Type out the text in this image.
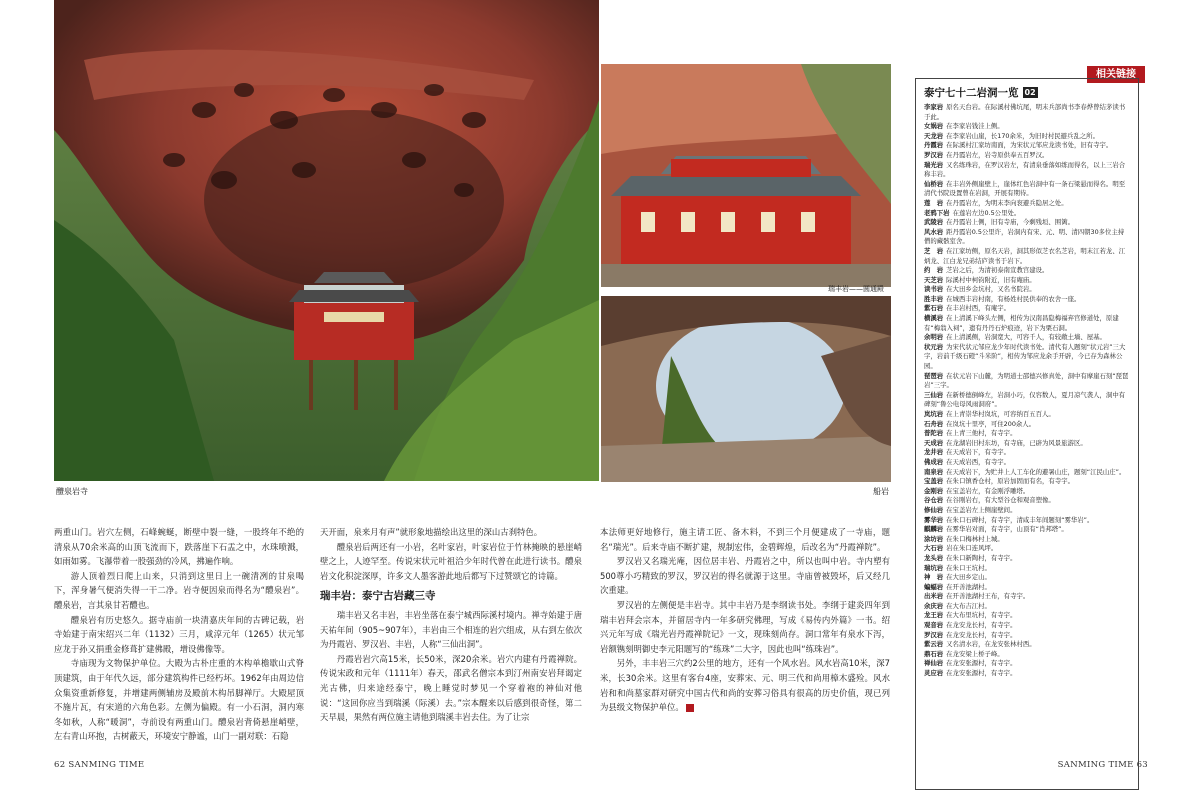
醴泉岩寺
瑞丰岩——圆通殿
船岩

两重山门。岩穴左侧，石峰蜿蜒，断壁中裂一缝，一股终年不绝的清泉从70余米高的山顶飞流而下，跌落崖下石盂之中，水珠喷溅，如雨如雾。飞瀑带着一股强劲的冷风，拂遍作响。

游人顶着烈日爬上山来，只消到这里日上一碗清冽的甘泉喝下，浑身暑气便消失得一干二净。岩寺便因泉而得名为“醴泉岩”。醴泉岩，言其泉甘若醴也。

醴泉岩有历史悠久。据寺庙前一块清嘉庆年间的古碑记载，岩寺始建于南宋绍兴二年（1132）三月，咸淳元年（1265）状元邹应龙于孙又捐重金修葺扩建佛殿，增设佛像等。

寺庙现为文物保护单位。大殿为古朴庄重的木构单檐歇山式脊顶建筑，由于年代久远，部分建筑构件已经朽坏。1962年由周边信众集资重新修复，并增建两侧辅房及殿前木构吊脚禅厅。大殿屋顶不施片瓦，有宋道的六角色彩。左侧为偏殿。有一小石洞，洞内寒冬如秋，人称“暖洞”，寺前设有两重山门。醴泉岩背倚悬崖峭壁，左右青山环抱，古树蔽天，环境安宁静谧，山门一副对联：石隐

天开面，泉来月有声”就形象地描绘出这里的深山古刹特色。

醴泉岩后两还有一小岩，名叶家岩，叶家岩位于竹林掩映的悬崖峭壁之上，人迹罕至。传说宋状元叶祖洽少年时代曾在此进行读书。醴泉岩文化积淀深厚，许多文人墨客游此地后都写下过赞颂它的诗篇。

瑞丰岩：泰宁古岩藏三寺

瑞丰岩又名丰岩，丰岩坐落在泰宁城西际溪村境内。禅寺始建于唐天祐年间（905~907年），丰岩由三个相连的岩穴组成，从右到左依次为丹霞岩、罗汉岩、丰岩，人称“三仙出洞”。

丹霞岩岩穴高15米，长50米，深20余米。岩穴内建有丹霞禅院。传说宋政和元年（1111年）春天，邵武名僧宗本到汀州南安岩拜谒定光古佛，归来途经泰宁，晚上睡觉时梦见一个穿着袍的神仙对他说：“这回你应当到瑞溪（际溪）去。”宗本醒来以后感到很奇怪，第二天早晨，果然有两位施主请他到瑞溪丰岩去住。为了让宗

本法师更好地修行，施主请工匠、备木料，不到三个月便建成了一寺庙，题名“瑞光”。后来寺庙不断扩建，规制宏伟，金碧辉煌，后改名为“丹霞禅院”。

罗汉岩又名瑞光庵，因位居丰岩、丹霞岩之中，所以也叫中岩。寺内塑有500尊小巧精致的罗汉，罗汉岩的得名就源于这里。寺庙曾被毁坏，后又经几次重建。

罗汉岩的左侧便是丰岩寺。其中丰岩乃是李纲读书处。李纲于建炎四年到瑞丰岩拜会宗本，并留居寺内一年多研究佛理，写成《易传内外篇》一书。绍兴元年写成《瑞光岩丹霞禅院记》一文，现珠刻尚存。洞口常年有泉水下泻，岩额镌刻明御史李元阳题写的“练珠”二大字，因此也叫“练珠岩”。

另外，丰丰岩三穴约2公里的地方，还有一个风水岩。风水岩高10米，深7米，长30余米。这里有客台4座，安葬宋、元、明三代和尚用樟木盛殓。风水岩和和尚墓家群对研究中国古代和尚的安葬习俗具有很高的历史价值，现已列为县级文物保护单位。

62 SANMING TIME	SANMING TIME 63
相关链接
泰宁七十二岩洞一览 02

李家岩 原名天台岩。在际溪村佛坑尾，明末兵部尚书李春烨曾结茅读书于此。

女娲岩 在李家岩钱洼上侧。

天龙岩 在李家岩山崖，长170余米，为旧时村民避兵乱之所。

丹霞岩 在际溪村江家坊南面，为宋状元邹应龙读书处，旧有寺宇。

罗汉岩 在丹霞岩左，岩寺原供奉五百罗汉。

瑞光岩 又名练珠岩，在罗汉岩左，有清泉垂落如练而得名，以上三岩合称丰岩。

仙桥岩 在丰岩外侧崖壁上，崖体红色岩洞中有一条石梁悬而得名。明至清代书院设置曾在岩洞，开展有期待。

莲　岩 在丹霞岩左，为明末李向衮避兵隐居之处。

老鸦下岩 在莲岩左边0.5公里处。

武陵岩 在丹霞岩上侧，旧有寺庙，今剩残垣、围篱。

风水岩 距丹霞岩0.5公里许，岩洞内有宋、元、明、清四朝30多位主持僧的藏骸室舍。

芝　岩 在江家坊侧，原名天岩，洞其形似芝衣名芝岩，明末江若龙、江炳龙、江白龙兄弟结庐读书于岩下。

约　岩 芝岩之后，为清初泰南宣教宫建设。

天芝岩 际溪村中柯钧附近，旧有庵庙。

读书岩 在大田乡金坑村，又名书院岩。

胜丰岩 在城西丰岩村南，有杨姓村民供奉的农舍一座。

紫石岩 在丰岩村西，有庵宇。

横溪岩 在上清溪下峰头左侧，相传为汉南昌隐梅福弃官修道处，原建有“梅翁入祠”，遗有丹丹石炉痕迹，岩下为栗石洞。

余明岩 在上清溪侧，岩洞宽大，可容千人，有较敞土墙、屋基。

状元岩 为宋代状元邹应龙少年时代读书处。清代有人题刻“状元岩”三大字，岩前千级石磴“斗米阶”，相传为邹应龙余手开辟，今已存为森林公园。

琵琶岩 在状元岩下山麓，为明道士邵德兴修真处，洞中有摩崖石刻“琵琶岩”三字。

三仙岩 在新桥德倒峰左，岩洞小巧，仅容数人，夏月凉气袭人，洞中有碑刻“鲁公电母风雨洞府”。

岚坑岩 在上青崇华村岚坑，可容纳百五百人。

石舟岩 在岚坑十里亭，可住200余人。

普陀岩 在上青三他村，有寺宇。

天成岩 在龙湖岩旧村东坊，有寺庙，已辟为风景旅游区。

龙井岩 在天成岩下，有寺宇。

佛成岩 在天成岩西，有寺宇。

南泉岩 在天成岩下，为贮井上人工车化的避暑山庄，题刻“江民山庄”。

宝盖岩 在朱口镇香仓村，原岩加固而有名，有寺宇。

金刚岩 在宝盖岩左，有金刚浮雕塔。

谷仓岩 在谷刚岩右，有大型谷仓和观音塑像。

修仙岩 在宝盖岩左上侧崖壁间。

雾华岩 在朱口石碑村，有寺宇，清咸丰年间题刻“雾华岩”。

麒麟岩 在雾华岩对面，有寺宇，山顶有“肖邦塔”。

涂坊岩 在朱口梅林村上城。

大石岩 岩在朱口连风坪。

龙头岩 在朱口新陶村，有寺宇。

瑞坑岩 在朱口王坑村。

神　岩 在大田乡定山。

蝙蝠岩 在开善池湖村。

出米岩 在开善池湖村王布，有寺宇。

余庆岩 在大布吉江村。

龙王岩 在大布里坑村，有寺宇。

观音岩 在龙安龙长村，有寺宇。

罗汉岩 在龙安龙长村，有寺宇。

紫云岩 又名清水岩，在龙安张林村西。

鼎石岩 在龙安梁上桥子峰。

禅仙岩 在龙安张源村，有寺宇。

灵应岩 在龙安张源村，有寺宇。
